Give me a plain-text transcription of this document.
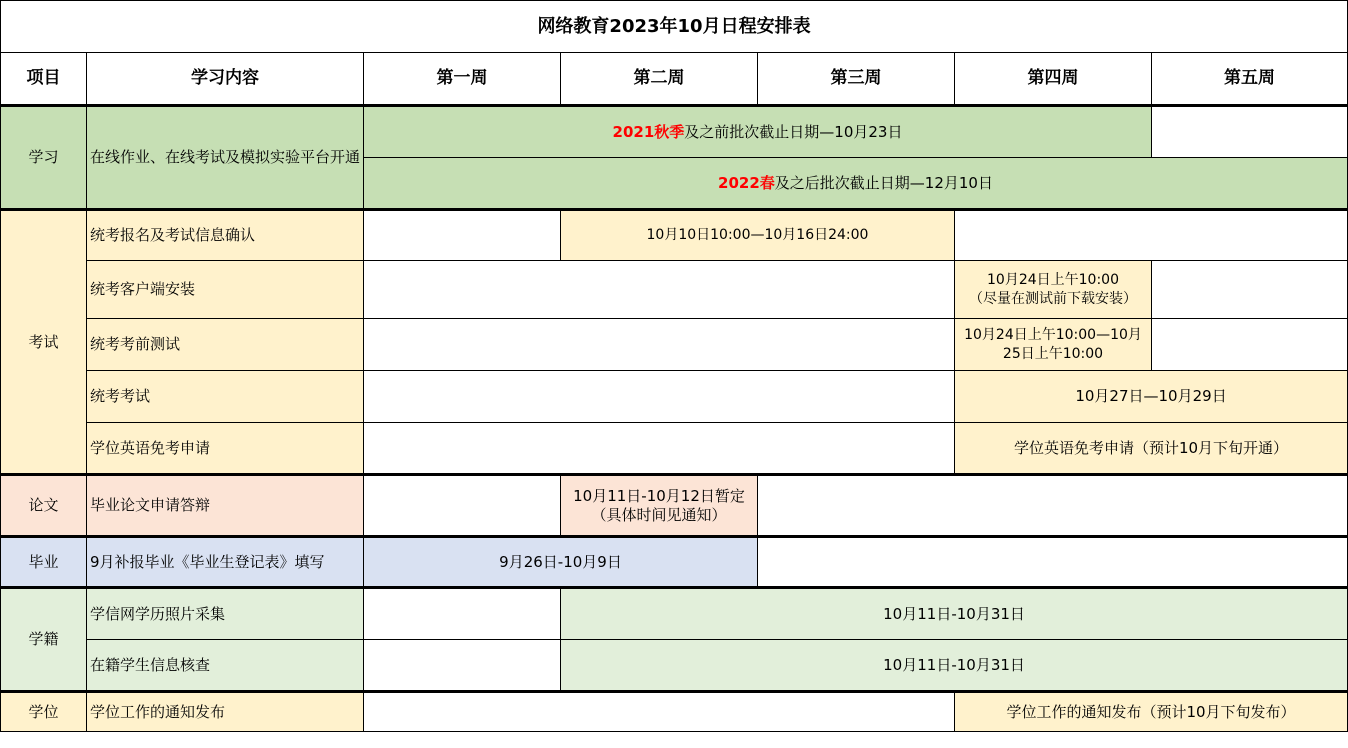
网络教育2023年10月日程安排表						
项目	学习内容	第一周	第二周	第三周	第四周	第五周
学习	在线作业、在线考试及模拟实验平台开通	2021秋季及之前批次截止日期—10月23日				
		2022春及之后批次截止日期—12月10日				
考试	统考报名及考试信息确认		10月10日10:00—10月16日24:00			
	统考客户端安装				10月24日上午10:00
（尽量在测试前下载安装）	

	统考考前测试				10月24日上午10:00—10月25日上午10:00	
	统考考试				10月27日—10月29日	
	学位英语免考申请				学位英语免考申请（预计10月下旬开通）	
论文	毕业论文申请答辩		10月11日-10月12日暂定
（具体时间见通知）			

毕业	9月补报毕业《毕业生登记表》填写	9月26日-10月9日				
学籍	学信网学历照片采集		10月11日-10月31日			
	在籍学生信息核查		10月11日-10月31日			
学位	学位工作的通知发布				学位工作的通知发布（预计10月下旬发布）	
